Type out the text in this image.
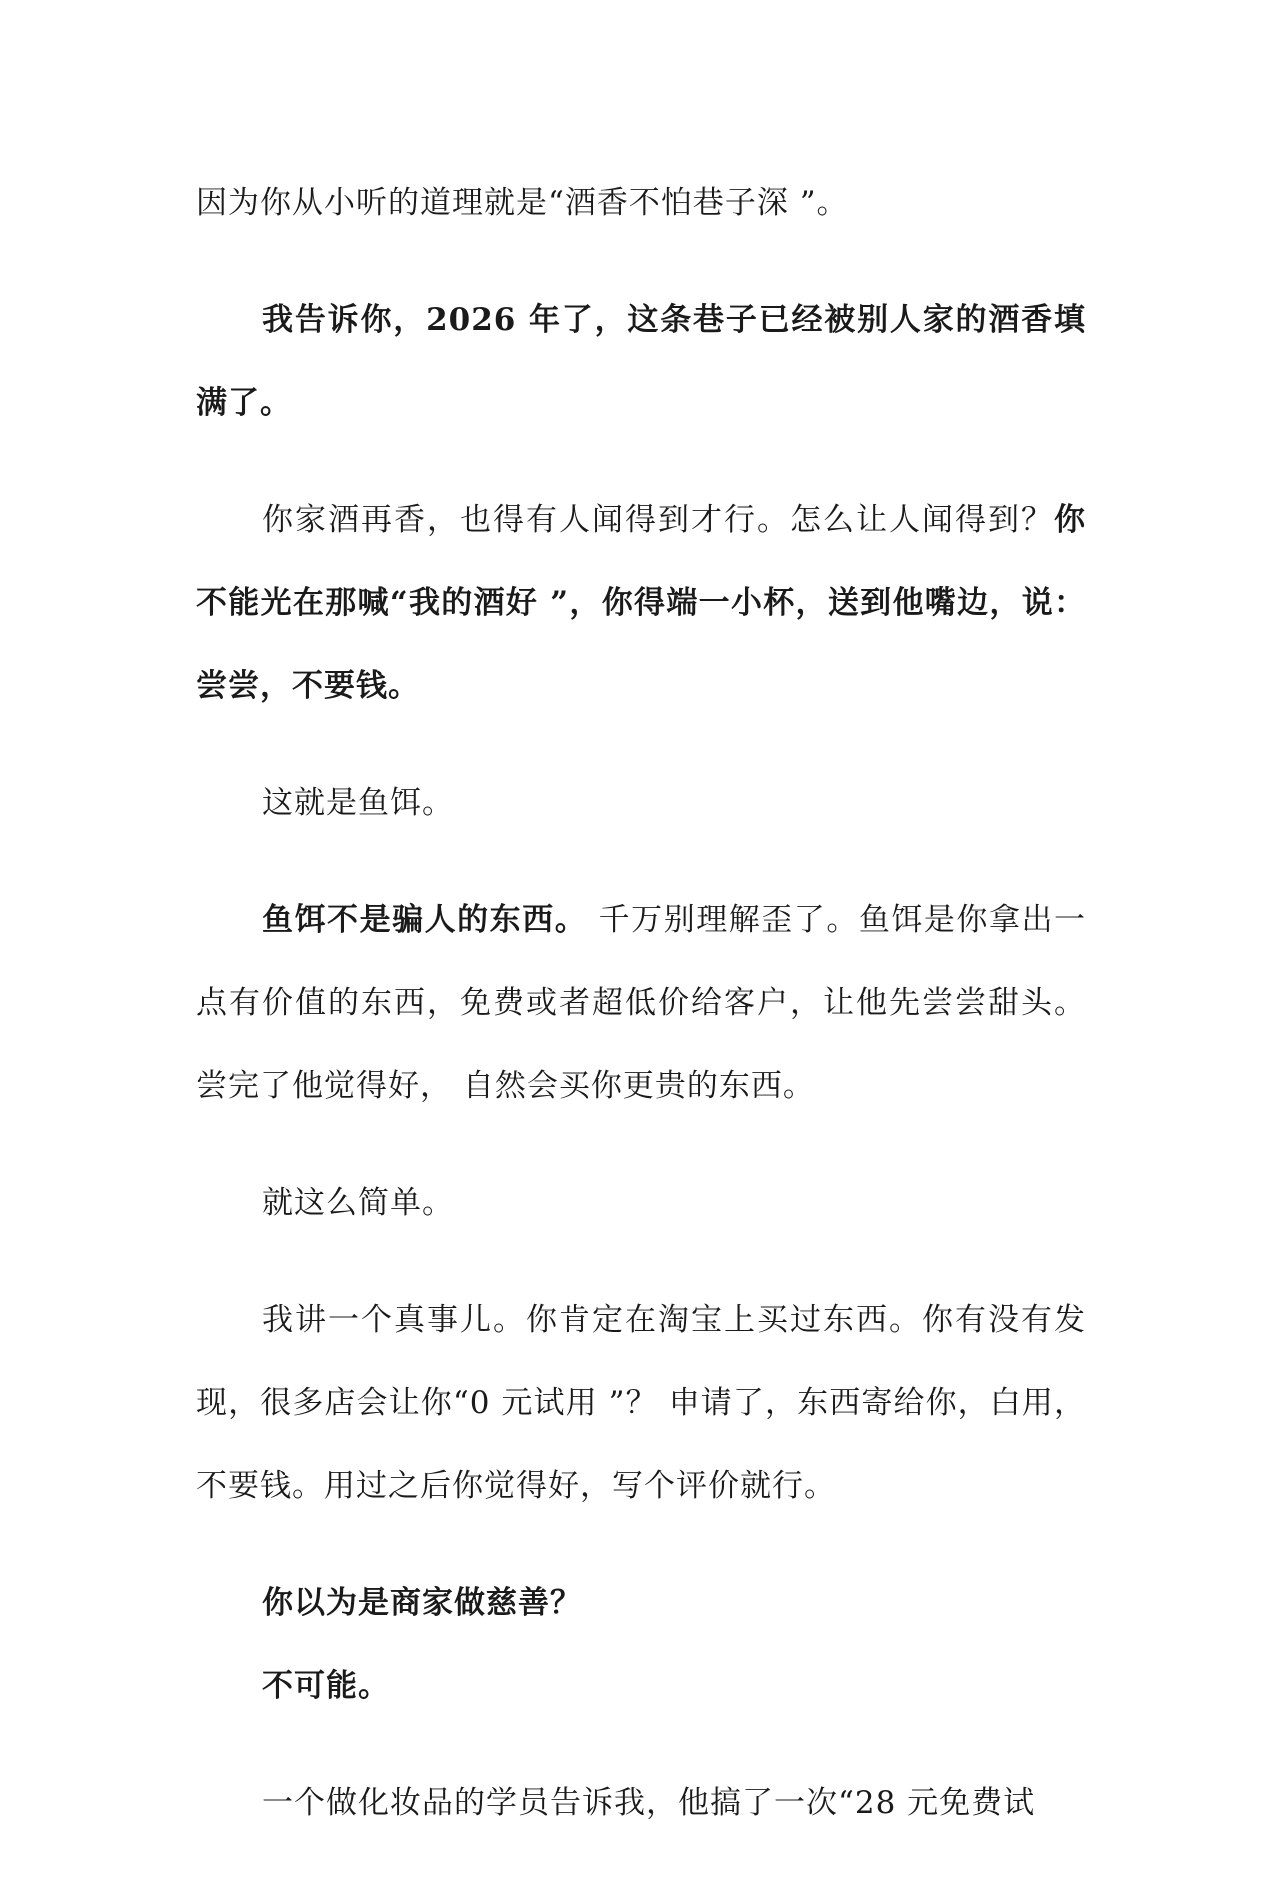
因为你从小听的道理就是“酒香不怕巷子深 ”。

我告诉你，2026 年了，这条巷子已经被别人家的酒香填满了。

你家酒再香，也得有人闻得到才行。怎么让人闻得到？你不能光在那喊“我的酒好 ”，你得端一小杯，送到他嘴边，说：尝尝，不要钱。

这就是鱼饵。

鱼饵不是骗人的东西。 千万别理解歪了。鱼饵是你拿出一点有价值的东西，免费或者超低价给客户，让他先尝尝甜头。尝完了他觉得好， 自然会买你更贵的东西。

就这么简单。

我讲一个真事儿。你肯定在淘宝上买过东西。你有没有发现，很多店会让你“0 元试用 ”？ 申请了，东西寄给你，白用，不要钱。用过之后你觉得好，写个评价就行。

你以为是商家做慈善？

不可能。

一个做化妆品的学员告诉我，他搞了一次“28 元免费试
